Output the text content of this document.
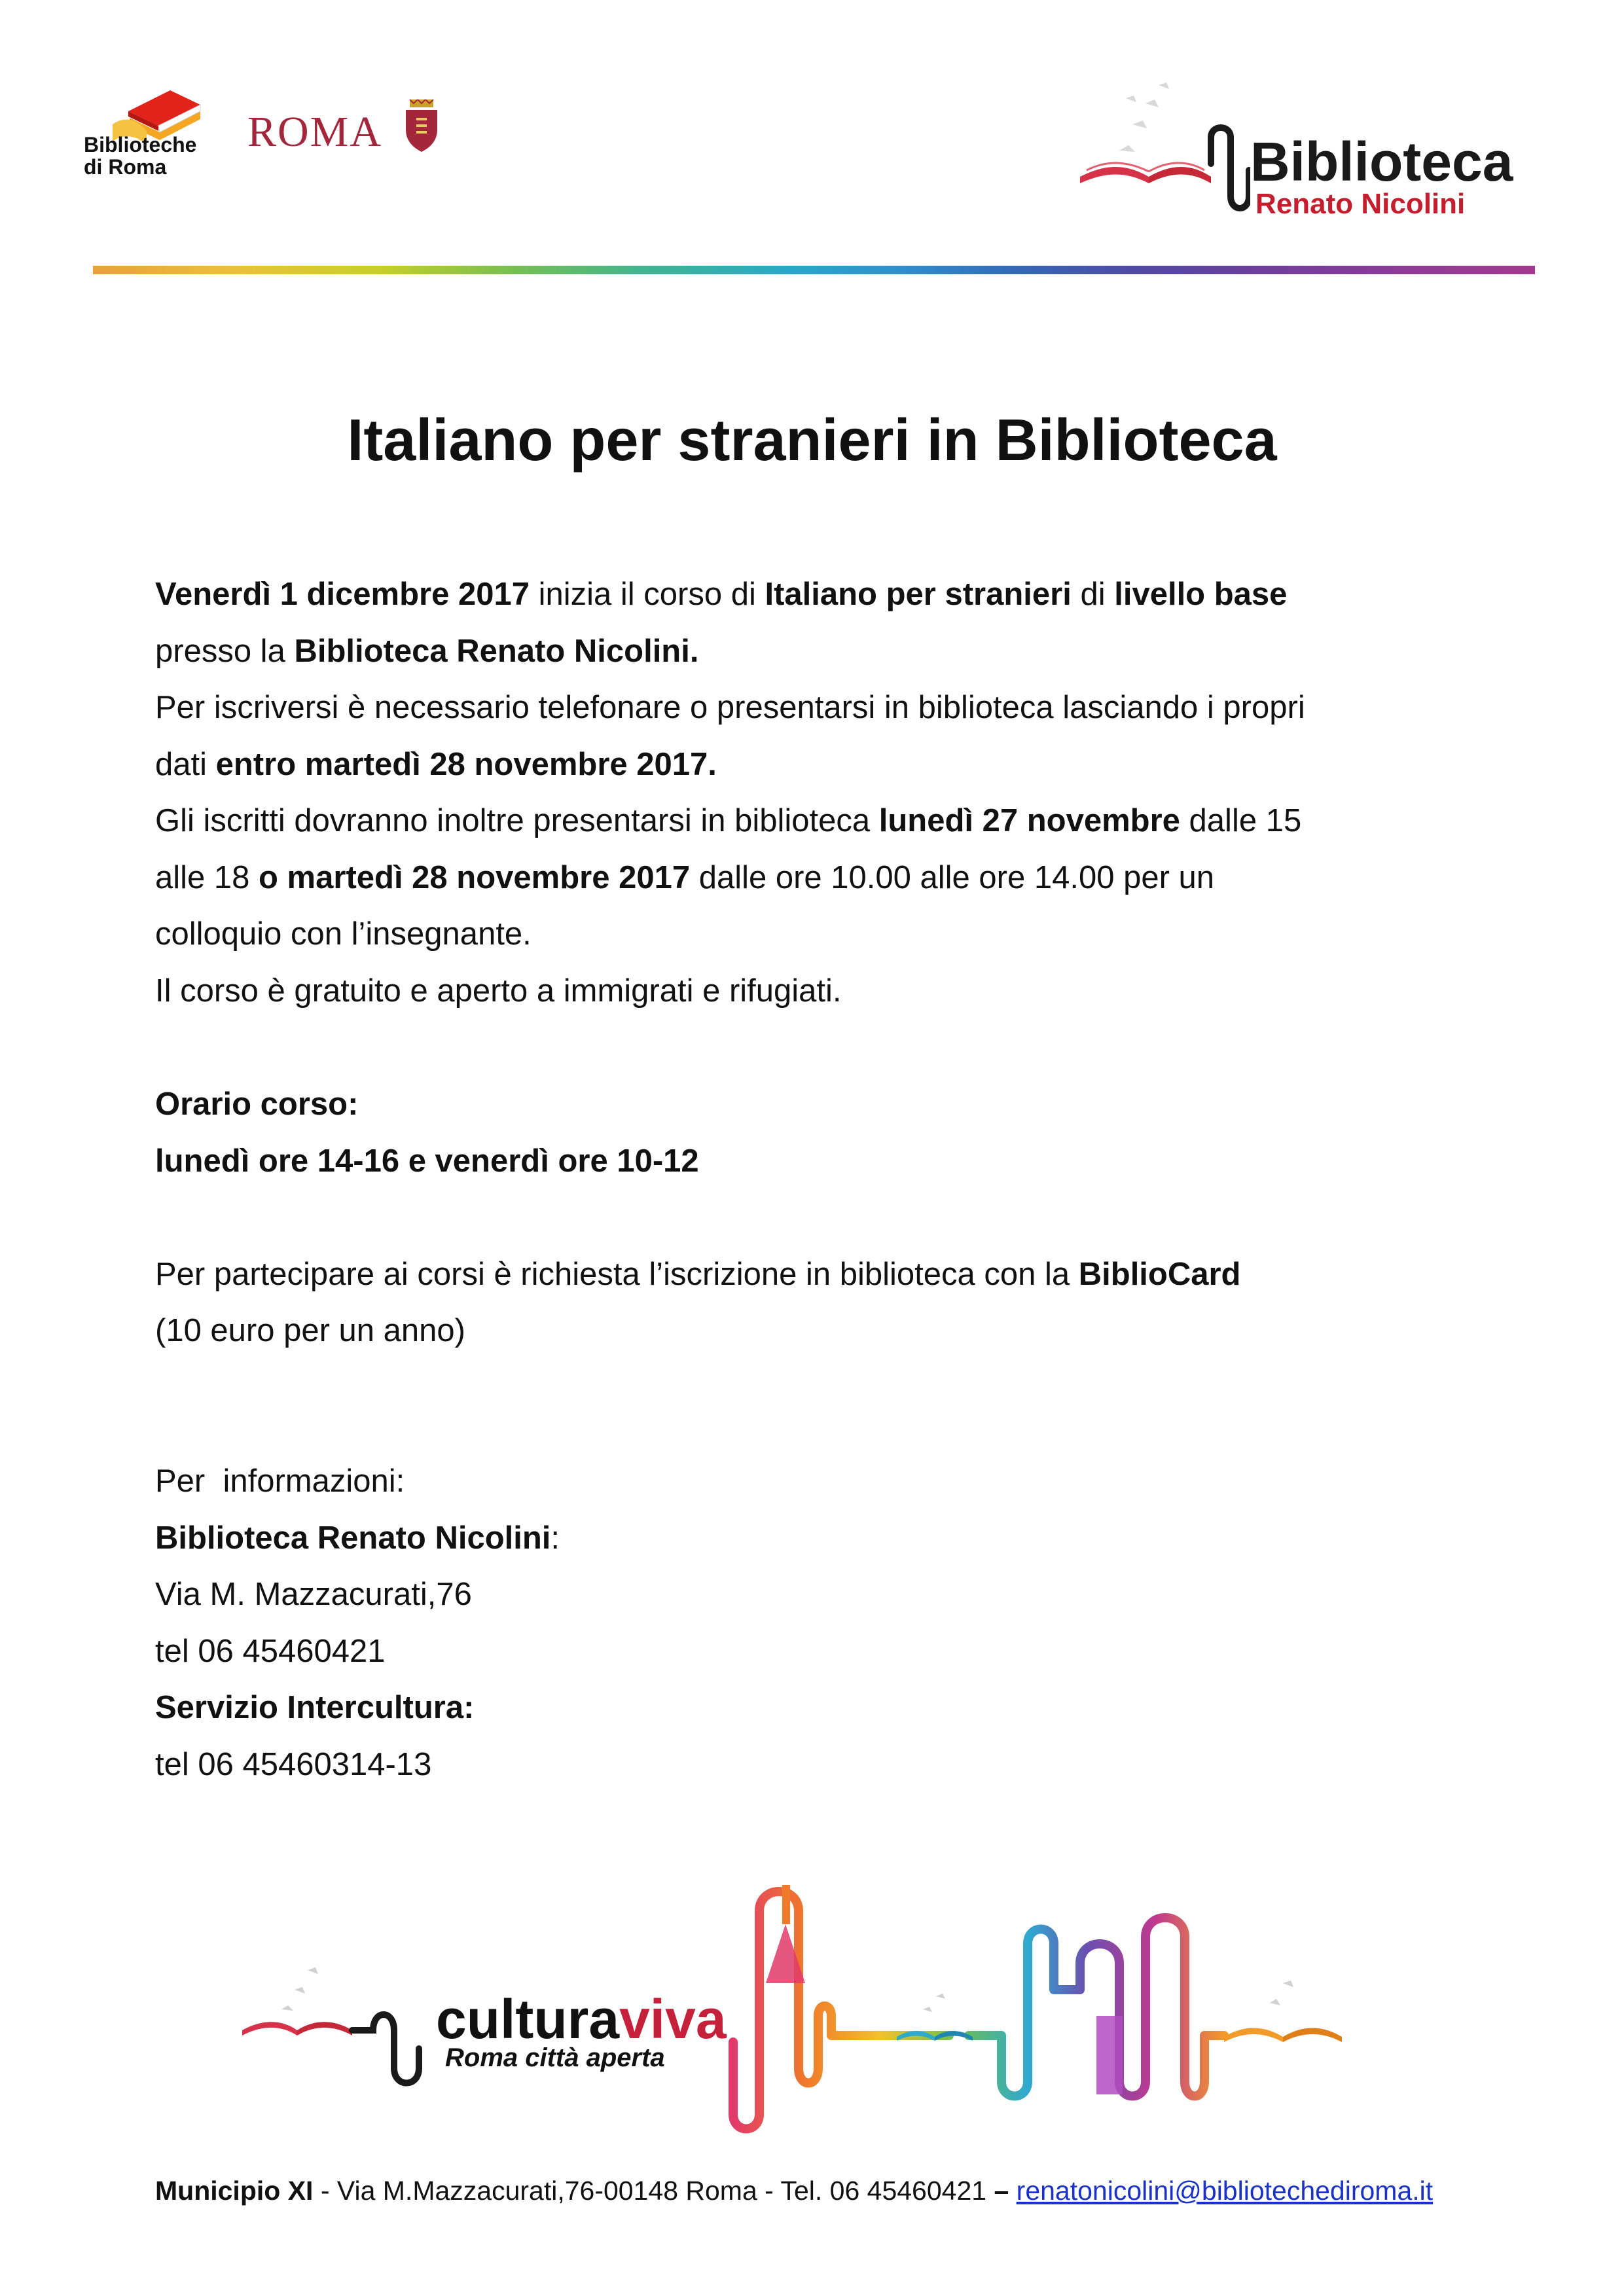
Biblioteche
di Roma
ROMA	Biblioteca
Renato Nicolini
Italiano per stranieri in Biblioteca
Venerdì 1 dicembre 2017 inizia il corso di Italiano per stranieri di livello base
presso la Biblioteca Renato Nicolini.
Per iscriversi è necessario telefonare o presentarsi in biblioteca lasciando i propri
dati entro martedì 28 novembre 2017.
Gli iscritti dovranno inoltre presentarsi in biblioteca lunedì 27 novembre dalle 15
alle 18 o martedì 28 novembre 2017 dalle ore 10.00 alle ore 14.00 per un
colloquio con l’insegnante.
Il corso è gratuito e aperto a immigrati e rifugiati.
Orario corso:
lunedì ore 14-16 e venerdì ore 10-12
Per partecipare ai corsi è richiesta l’iscrizione in biblioteca con la BiblioCard
(10 euro per un anno)
Per  informazioni:
Biblioteca Renato Nicolini:
Via M. Mazzacurati,76
tel 06 45460421
Servizio Intercultura:
tel 06 45460314-13
culturaviva
Roma città aperta
Municipio XI - Via M.Mazzacurati,76-00148 Roma - Tel. 06 45460421 – renatonicolini@bibliotechediroma.it
